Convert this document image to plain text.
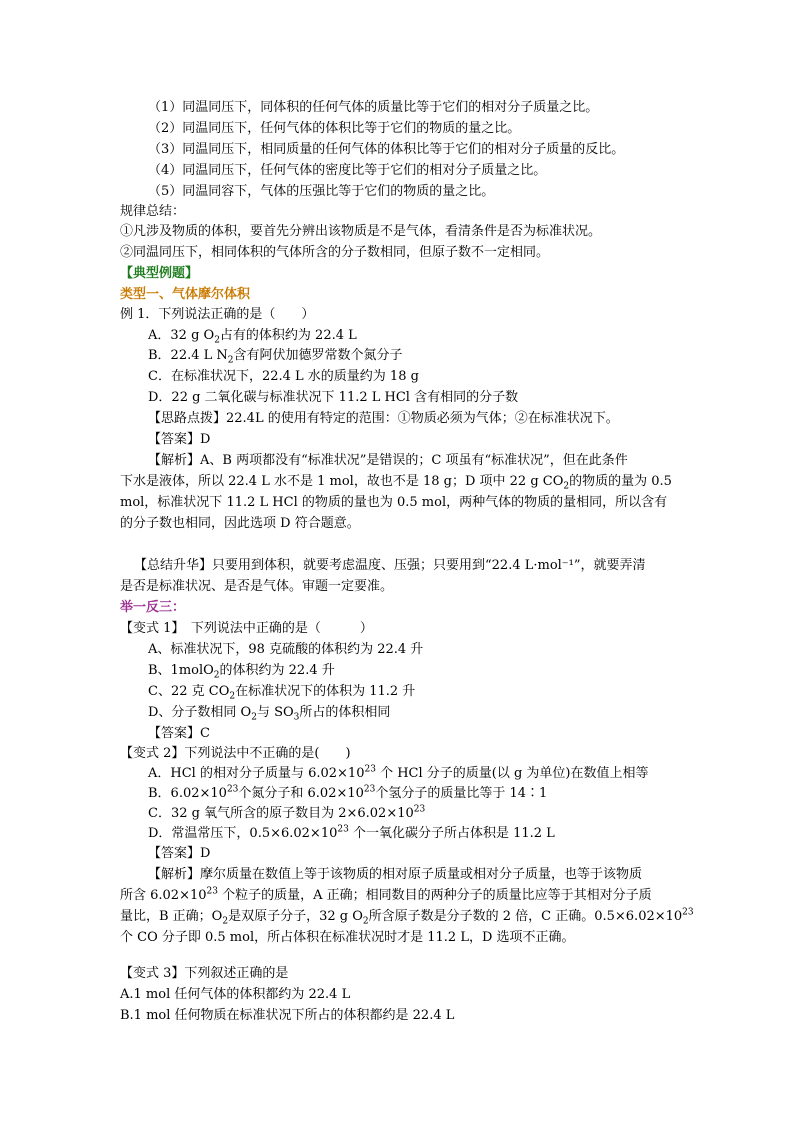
（1）同温同压下，同体积的任何气体的质量比等于它们的相对分子质量之比。
（2）同温同压下，任何气体的体积比等于它们的物质的量之比。
（3）同温同压下，相同质量的任何气体的体积比等于它们的相对分子质量的反比。
（4）同温同压下，任何气体的密度比等于它们的相对分子质量之比。
（5）同温同容下，气体的压强比等于它们的物质的量之比。
规律总结：
①凡涉及物质的体积，要首先分辨出该物质是不是气体，看清条件是否为标准状况。
②同温同压下，相同体积的气体所含的分子数相同，但原子数不一定相同。
【典型例题】
类型一、气体摩尔体积
例 1．下列说法正确的是（　　）
A．32 g $O_2$占有的体积约为 22.4 L
B．22.4 L $N_2$含有阿伏加德罗常数个氮分子
C．在标准状况下，22.4 L 水的质量约为 18 g
D．22 g 二氧化碳与标准状况下 11.2 L HCl 含有相同的分子数
【思路点拨】22.4L 的使用有特定的范围：①物质必须为气体；②在标准状况下。
【答案】D
【解析】A、B 两项都没有“标准状况”是错误的；C 项虽有“标准状况”，但在此条件
下水是液体，所以 22.4 L 水不是 1 mol，故也不是 18 g；D 项中 22 g $CO_2$的物质的量为 0.5
mol，标准状况下 11.2 L HCl 的物质的量也为 0.5 mol，两种气体的物质的量相同，所以含有
的分子数也相同，因此选项 D 符合题意。
【总结升华】只要用到体积，就要考虑温度、压强；只要用到“22.4 L·mol⁻¹”，就要弄清
是否是标准状况、是否是气体。审题一定要准。
举一反三：
【变式 1】　下列说法中正确的是（　　　）
A、标准状况下，98 克硫酸的体积约为 22.4 升
B、1molO$_2$的体积约为 22.4 升
C、22 克 $CO_2$在标准状况下的体积为 11.2 升
D、分子数相同 $O_2$与 $SO_3$所占的体积相同
【答案】C
【变式 2】下列说法中不正确的是(　　)
A．HCl 的相对分子质量与 $6.02\times 10^{23}$ 个 HCl 分子的质量(以 g 为单位)在数值上相等
B．$6.02\times 10^{23}$个氮分子和 $6.02\times 10^{23}$个氢分子的质量比等于 14∶1
C．32 g 氧气所含的原子数目为 $2\times 6.02\times 10^{23}$
D．常温常压下，$0.5\times 6.02\times 10^{23}$ 个一氧化碳分子所占体积是 11.2 L
【答案】D
【解析】摩尔质量在数值上等于该物质的相对原子质量或相对分子质量，也等于该物质
所含 $6.02\times 10^{23}$ 个粒子的质量，A 正确；相同数目的两种分子的质量比应等于其相对分子质
量比，B 正确；$O_2$是双原子分子，32 g $O_2$所含原子数是分子数的 2 倍，C 正确。$0.5\times 6.02\times 10^{23}$
个 CO 分子即 0.5 mol，所占体积在标准状况时才是 11.2 L，D 选项不正确。
【变式 3】下列叙述正确的是
A.1 mol 任何气体的体积都约为 22.4 L
B.1 mol 任何物质在标准状况下所占的体积都约是 22.4 L
